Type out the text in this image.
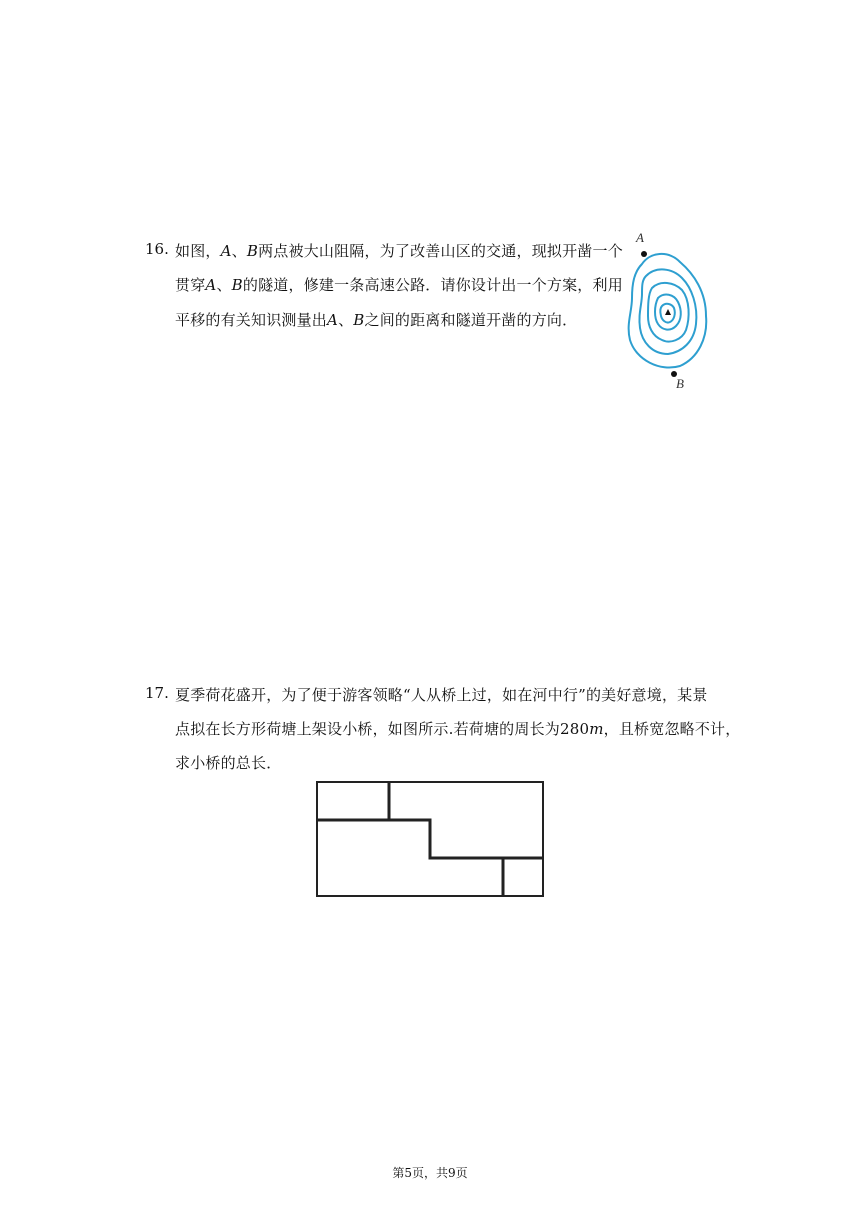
16. 如图，A、B两点被大山阻隔，为了改善山区的交通，现拟开凿一个
贯穿A、B的隧道，修建一条高速公路．请你设计出一个方案，利用
平移的有关知识测量出A、B之间的距离和隧道开凿的方向．
A
B
17. 夏季荷花盛开，为了便于游客领略“人从桥上过，如在河中行”的美好意境，某景
点拟在长方形荷塘上架设小桥，如图所示.若荷塘的周长为280m，且桥宽忽略不计，
求小桥的总长．
第5页，共9页
